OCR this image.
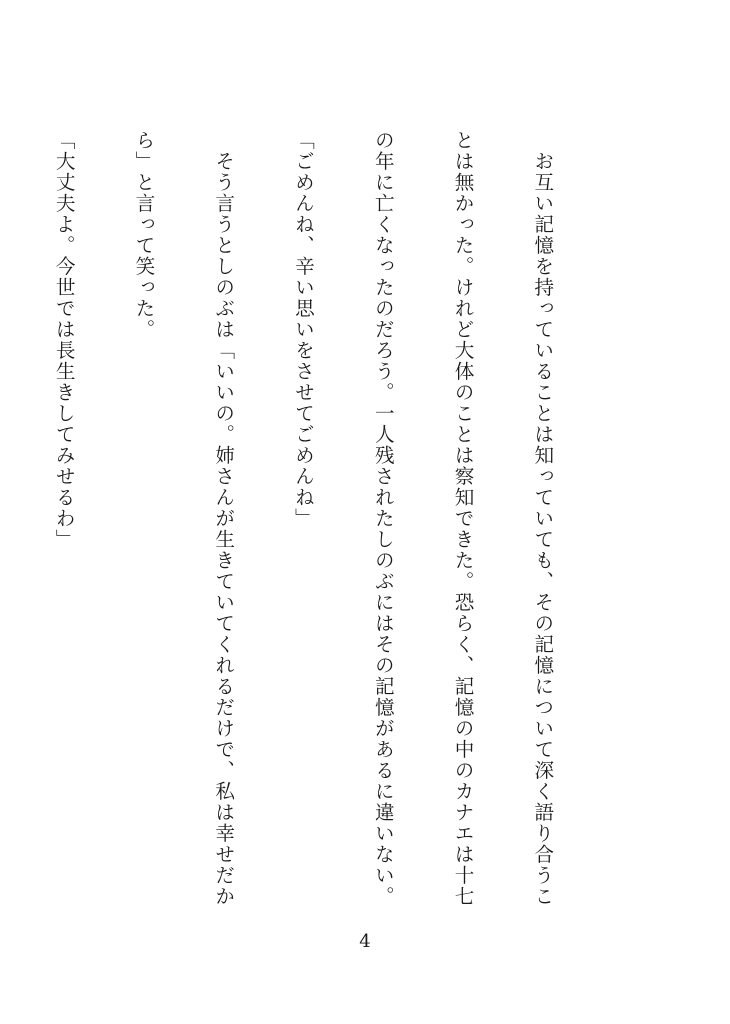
　お互い記憶を持っていることは知っていても、その記憶について深く語り合うこ

とは無かった。けれど大体のことは察知できた。恐らく、記憶の中のカナエは十七

の年に亡くなったのだろう。一人残されたしのぶにはその記憶があるに違いない。

「ごめんね、辛い思いをさせてごめんね」

　そう言うとしのぶは「いいの。姉さんが生きていてくれるだけで、私は幸せだか

ら」と言って笑った。

「大丈夫よ。今世では長生きしてみせるわ」

4
